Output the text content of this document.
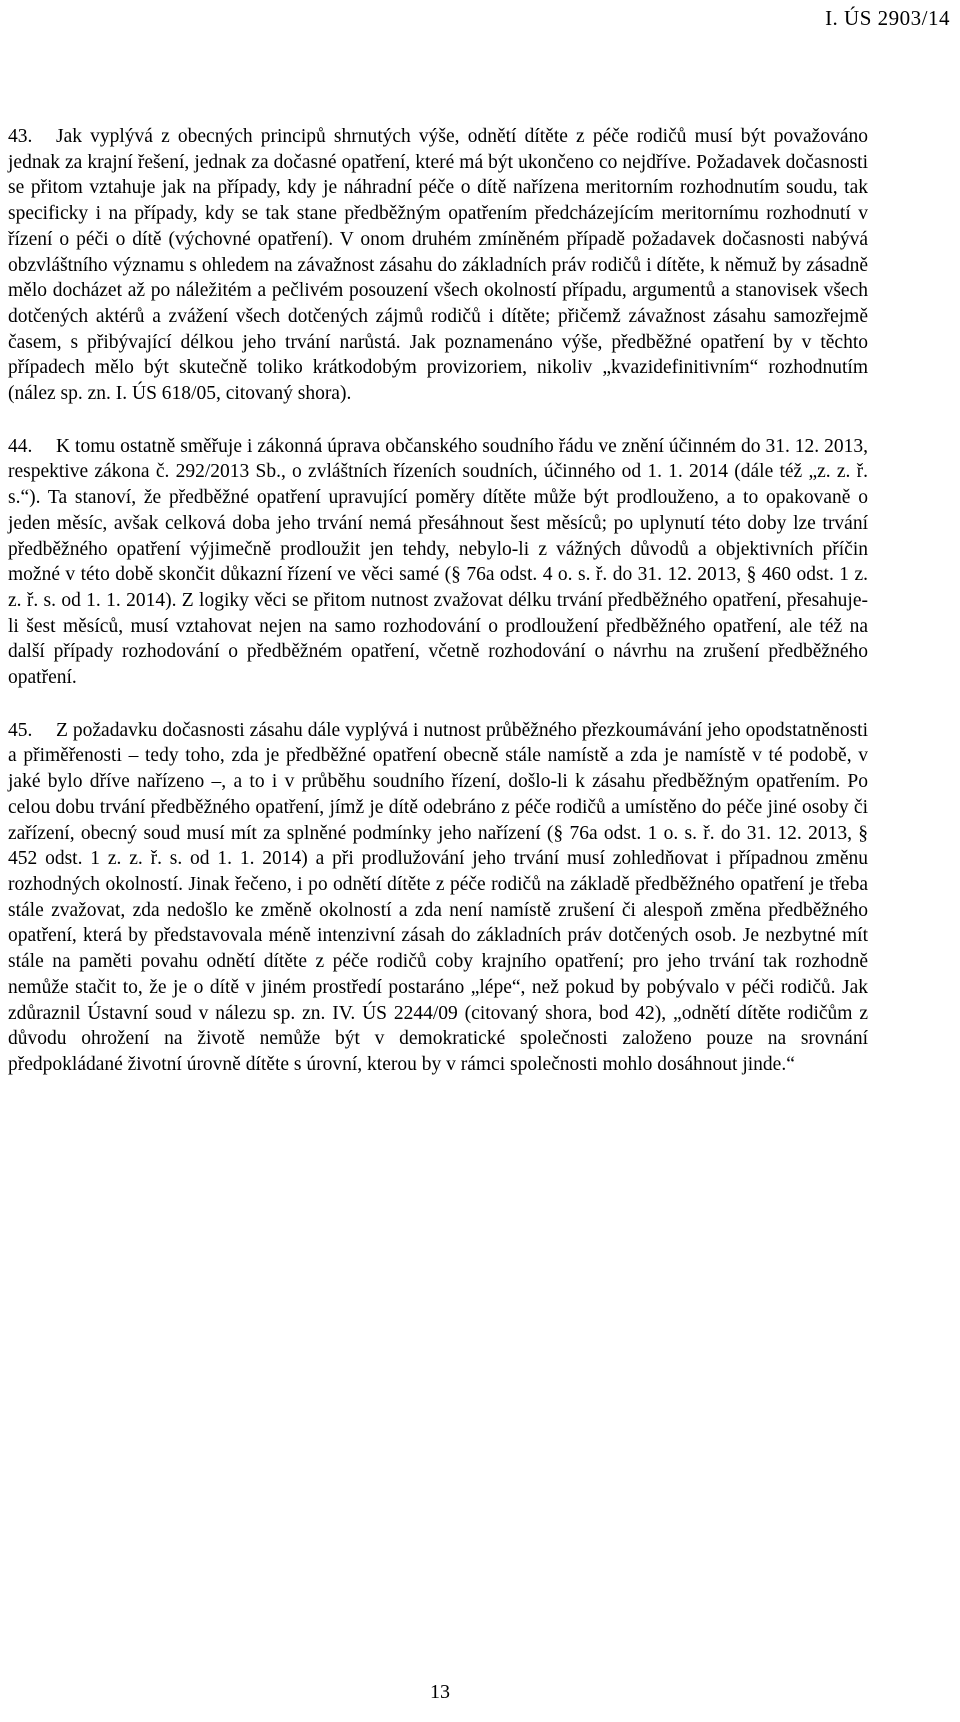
I. ÚS 2903/14

43. Jak vyplývá z obecných principů shrnutých výše, odnětí dítěte z péče rodičů musí být považováno jednak za krajní řešení, jednak za dočasné opatření, které má být ukončeno co nejdříve. Požadavek dočasnosti se přitom vztahuje jak na případy, kdy je náhradní péče o dítě nařízena meritorním rozhodnutím soudu, tak specificky i na případy, kdy se tak stane předběžným opatřením předcházejícím meritornímu rozhodnutí v řízení o péči o dítě (výchovné opatření). V onom druhém zmíněném případě požadavek dočasnosti nabývá obzvláštního významu s ohledem na závažnost zásahu do základních práv rodičů i dítěte, k němuž by zásadně mělo docházet až po náležitém a pečlivém posouzení všech okolností případu, argumentů a stanovisek všech dotčených aktérů a zvážení všech dotčených zájmů rodičů i dítěte; přičemž závažnost zásahu samozřejmě časem, s přibývající délkou jeho trvání narůstá. Jak poznamenáno výše, předběžné opatření by v těchto případech mělo být skutečně toliko krátkodobým provizoriem, nikoliv „kvazidefinitivním“ rozhodnutím (nález sp. zn. I. ÚS 618/05, citovaný shora).

44. K tomu ostatně směřuje i zákonná úprava občanského soudního řádu ve znění účinném do 31. 12. 2013, respektive zákona č. 292/2013 Sb., o zvláštních řízeních soudních, účinného od 1. 1. 2014 (dále též „z. z. ř. s.“). Ta stanoví, že předběžné opatření upravující poměry dítěte může být prodlouženo, a to opakovaně o jeden měsíc, avšak celková doba jeho trvání nemá přesáhnout šest měsíců; po uplynutí této doby lze trvání předběžného opatření výjimečně prodloužit jen tehdy, nebylo-li z vážných důvodů a objektivních příčin možné v této době skončit důkazní řízení ve věci samé (§ 76a odst. 4 o. s. ř. do 31. 12. 2013, § 460 odst. 1 z. z. ř. s. od 1. 1. 2014). Z logiky věci se přitom nutnost zvažovat délku trvání předběžného opatření, přesahuje-li šest měsíců, musí vztahovat nejen na samo rozhodování o prodloužení předběžného opatření, ale též na další případy rozhodování o předběžném opatření, včetně rozhodování o návrhu na zrušení předběžného opatření.

45. Z požadavku dočasnosti zásahu dále vyplývá i nutnost průběžného přezkoumávání jeho opodstatněnosti a přiměřenosti – tedy toho, zda je předběžné opatření obecně stále namístě a zda je namístě v té podobě, v jaké bylo dříve nařízeno –, a to i v průběhu soudního řízení, došlo-li k zásahu předběžným opatřením. Po celou dobu trvání předběžného opatření, jímž je dítě odebráno z péče rodičů a umístěno do péče jiné osoby či zařízení, obecný soud musí mít za splněné podmínky jeho nařízení (§ 76a odst. 1 o. s. ř. do 31. 12. 2013, § 452 odst. 1 z. z. ř. s. od 1. 1. 2014) a při prodlužování jeho trvání musí zohledňovat i případnou změnu rozhodných okolností. Jinak řečeno, i po odnětí dítěte z péče rodičů na základě předběžného opatření je třeba stále zvažovat, zda nedošlo ke změně okolností a zda není namístě zrušení či alespoň změna předběžného opatření, která by představovala méně intenzivní zásah do základních práv dotčených osob. Je nezbytné mít stále na paměti povahu odnětí dítěte z péče rodičů coby krajního opatření; pro jeho trvání tak rozhodně nemůže stačit to, že je o dítě v jiném prostředí postaráno „lépe“, než pokud by pobývalo v péči rodičů. Jak zdůraznil Ústavní soud v nálezu sp. zn. IV. ÚS 2244/09 (citovaný shora, bod 42), „odnětí dítěte rodičům z důvodu ohrožení na životě nemůže být v demokratické společnosti založeno pouze na srovnání předpokládané životní úrovně dítěte s úrovní, kterou by v rámci společnosti mohlo dosáhnout jinde.“

13
